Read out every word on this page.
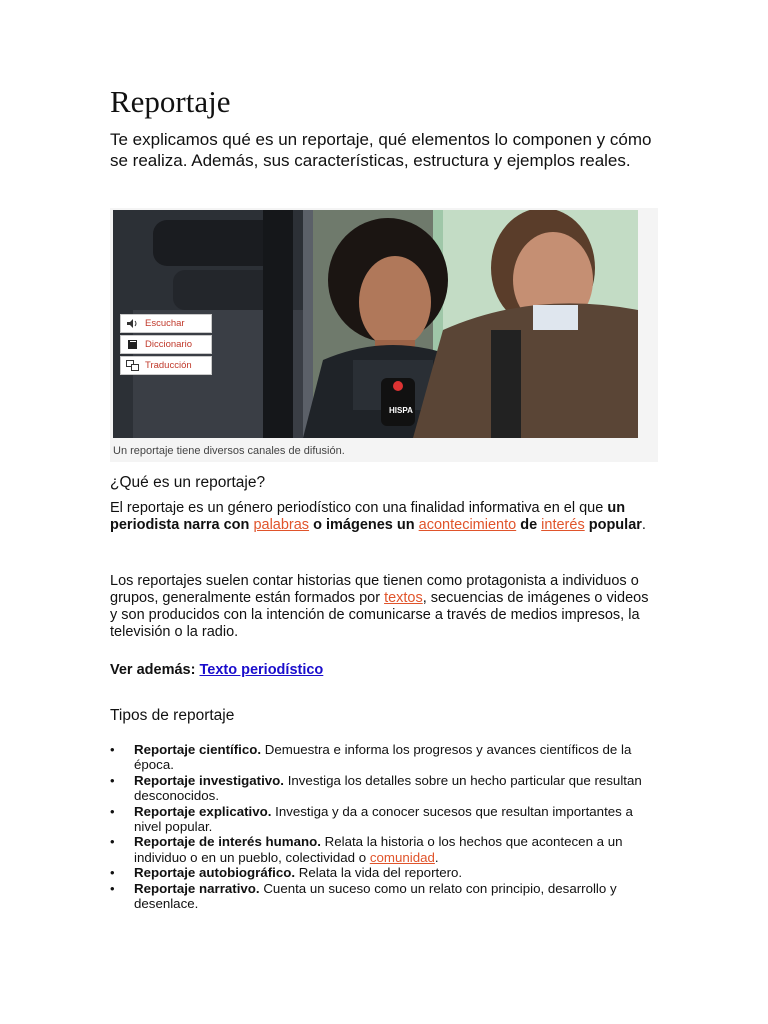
Reportaje

Te explicamos qué es un reportaje, qué elementos lo componen y cómo se realiza. Además, sus características, estructura y ejemplos reales.

HISPA
Escuchar
Diccionario
Traducción
Un reportaje tiene diversos canales de difusión.
¿Qué es un reportaje?

El reportaje es un género periodístico con una finalidad informativa en el que un periodista narra con palabras o imágenes un acontecimiento de interés popular.

Los reportajes suelen contar historias que tienen como protagonista a individuos o grupos, generalmente están formados por textos, secuencias de imágenes o videos y son producidos con la intención de comunicarse a través de medios impresos, la televisión o la radio.

Ver además: Texto periodístico

Tipos de reportaje
• Reportaje científico. Demuestra e informa los progresos y avances científicos de la época.
• Reportaje investigativo. Investiga los detalles sobre un hecho particular que resultan desconocidos.
• Reportaje explicativo. Investiga y da a conocer sucesos que resultan importantes a nivel popular.
• Reportaje de interés humano. Relata la historia o los hechos que acontecen a un individuo o en un pueblo, colectividad o comunidad.
• Reportaje autobiográfico. Relata la vida del reportero.
• Reportaje narrativo. Cuenta un suceso como un relato con principio, desarrollo y desenlace.
